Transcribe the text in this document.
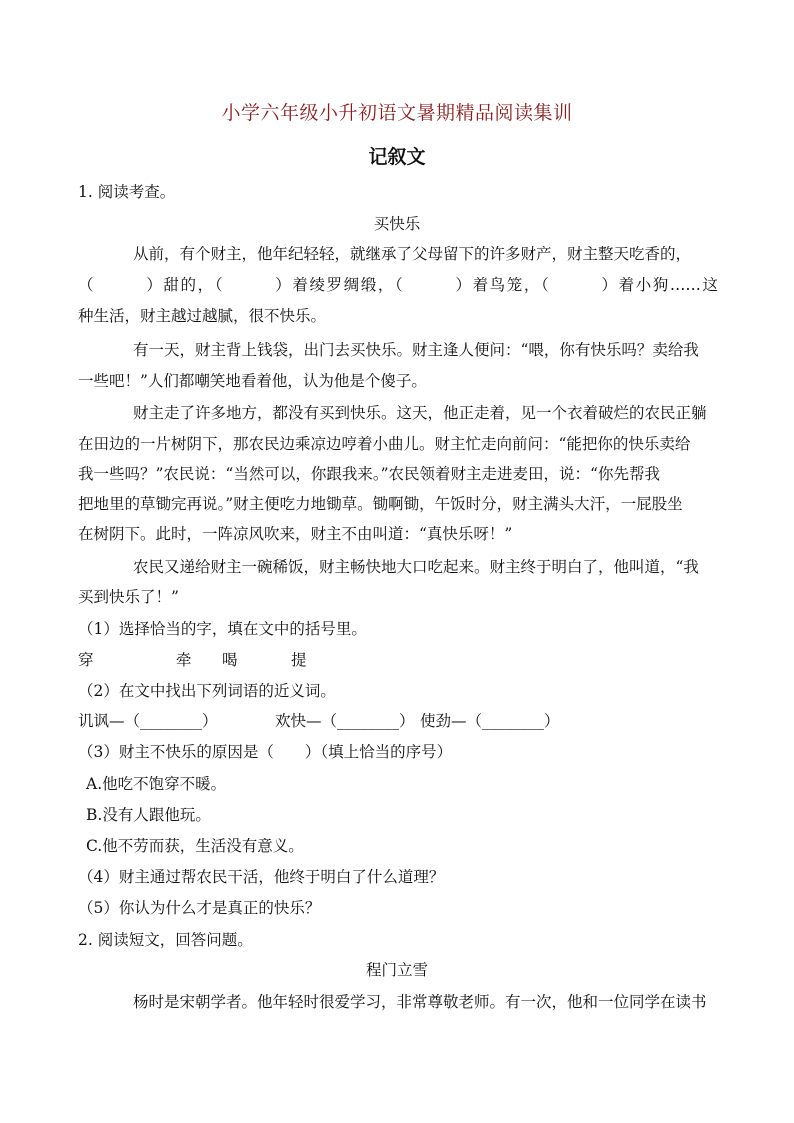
小学六年级小升初语文暑期精品阅读集训
记叙文
1. 阅读考查。
买快乐
从前，有个财主，他年纪轻轻，就继承了父母留下的许多财产，财主整天吃香的，
（　　　）甜的，（　　　）着绫罗绸缎，（　　　）着鸟笼，（　　　）着小狗……这
种生活，财主越过越腻，很不快乐。
有一天，财主背上钱袋，出门去买快乐。财主逢人便问：“喂，你有快乐吗？卖给我
一些吧！”人们都嘲笑地看着他，认为他是个傻子。
财主走了许多地方，都没有买到快乐。这天，他正走着，见一个衣着破烂的农民正躺
在田边的一片树阴下，那农民边乘凉边哼着小曲儿。财主忙走向前问：“能把你的快乐卖给
我一些吗？”农民说：“当然可以，你跟我来。”农民领着财主走进麦田，说：“你先帮我
把地里的草锄完再说。”财主便吃力地锄草。锄啊锄，午饭时分，财主满头大汗，一屁股坐
在树阴下。此时，一阵凉风吹来，财主不由叫道：“真快乐呀！”
农民又递给财主一碗稀饭，财主畅快地大口吃起来。财主终于明白了，他叫道，“我
买到快乐了！”
（1）选择恰当的字，填在文中的括号里。
穿	牵 喝	提
（2）在文中找出下列词语的近义词。
讥讽—（________）	欢快—（________） 使劲—（________）
（3）财主不快乐的原因是（　　）（填上恰当的序号）
A.他吃不饱穿不暖。
B.没有人跟他玩。
C.他不劳而获，生活没有意义。
（4）财主通过帮农民干活，他终于明白了什么道理？
（5）你认为什么才是真正的快乐？
2. 阅读短文，回答问题。
程门立雪
杨时是宋朝学者。他年轻时很爱学习，非常尊敬老师。有一次，他和一位同学在读书
